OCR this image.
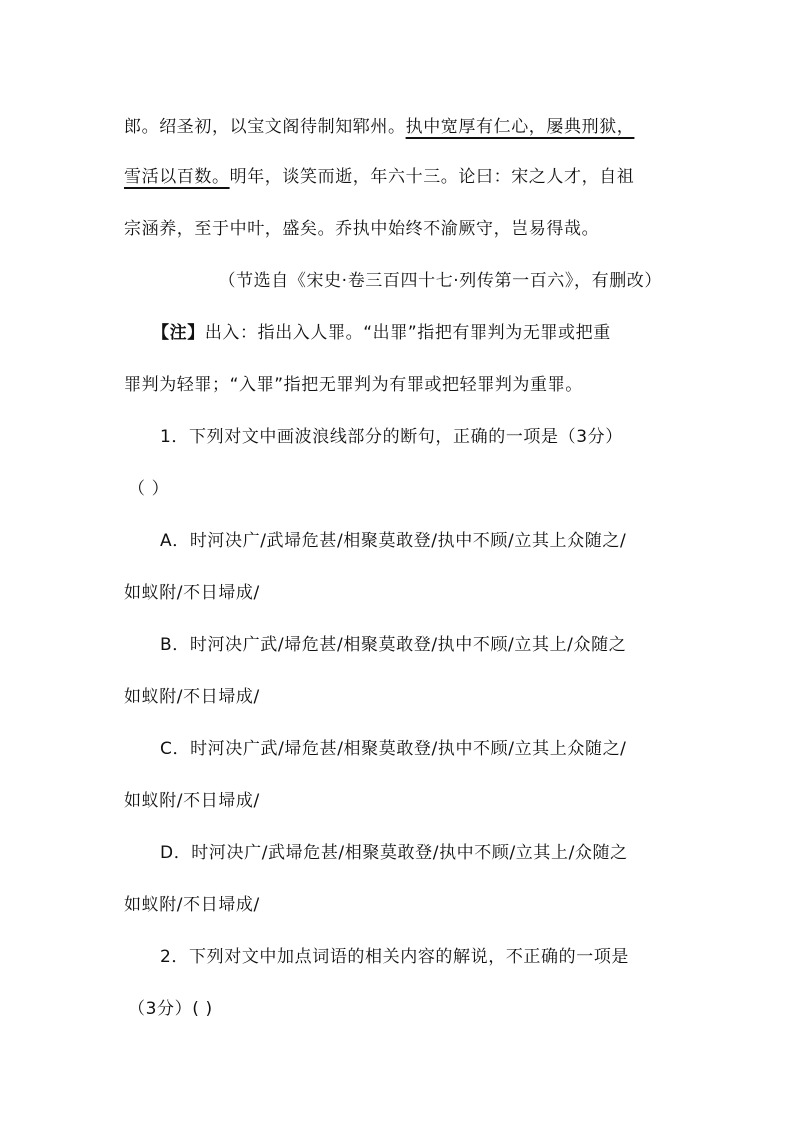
郎。绍圣初，以宝文阁待制知郓州。执中宽厚有仁心，屡典刑狱，
雪活以百数。明年，谈笑而逝，年六十三。论曰：宋之人才，自祖
宗涵养，至于中叶，盛矣。乔执中始终不渝厥守，岂易得哉。
（节选自《宋史·卷三百四十七·列传第一百六》，有删改）
【注】出入：指出入人罪。“出罪”指把有罪判为无罪或把重
罪判为轻罪；“入罪”指把无罪判为有罪或把轻罪判为重罪。
1．下列对文中画波浪线部分的断句，正确的一项是（3分）
（ ）
A．时河决广/武埽危甚/相聚莫敢登/执中不顾/立其上众随之/
如蚁附/不日埽成/
B．时河决广武/埽危甚/相聚莫敢登/执中不顾/立其上/众随之
如蚁附/不日埽成/
C．时河决广武/埽危甚/相聚莫敢登/执中不顾/立其上众随之/
如蚁附/不日埽成/
D．时河决广/武埽危甚/相聚莫敢登/执中不顾/立其上/众随之
如蚁附/不日埽成/
2．下列对文中加点词语的相关内容的解说，不正确的一项是
（3分）( )
